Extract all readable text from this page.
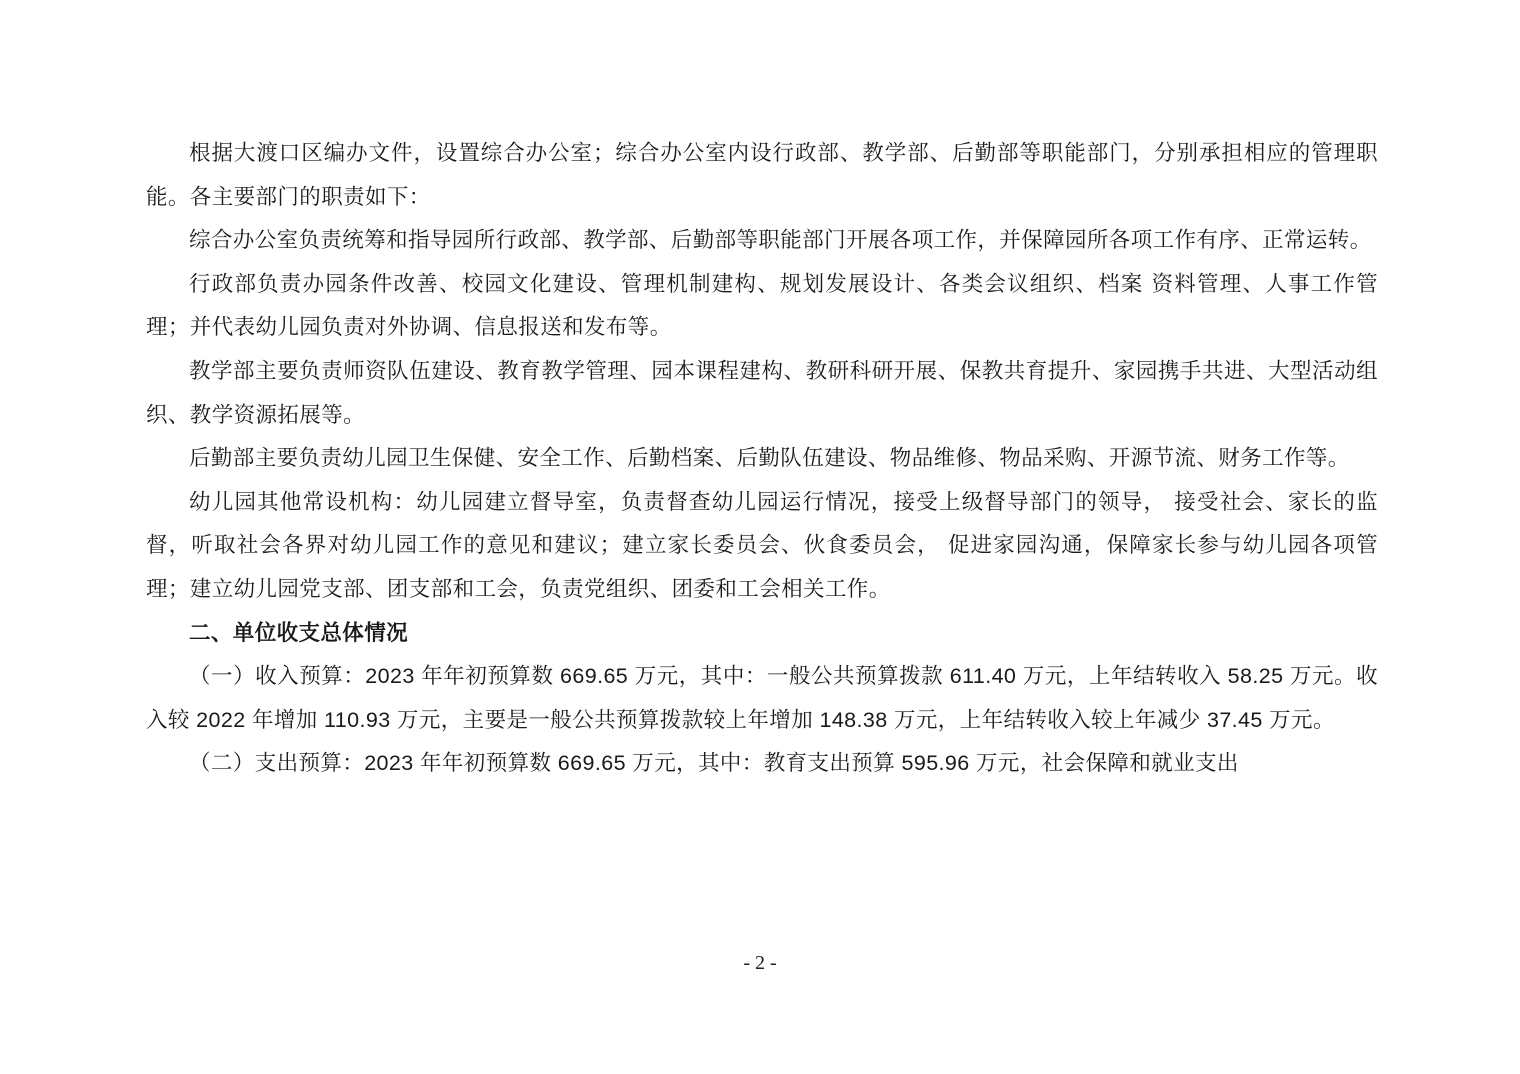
根据大渡口区编办文件，设置综合办公室；综合办公室内设行政部、教学部、后勤部等职能部门，分别承担相应的管理职能。各主要部门的职责如下：

综合办公室负责统筹和指导园所行政部、教学部、后勤部等职能部门开展各项工作，并保障园所各项工作有序、正常运转。

行政部负责办园条件改善、校园文化建设、管理机制建构、规划发展设计、各类会议组织、档案 资料管理、人事工作管理；并代表幼儿园负责对外协调、信息报送和发布等。

教学部主要负责师资队伍建设、教育教学管理、园本课程建构、教研科研开展、保教共育提升、家园携手共进、大型活动组织、教学资源拓展等。

后勤部主要负责幼儿园卫生保健、安全工作、后勤档案、后勤队伍建设、物品维修、物品采购、开源节流、财务工作等。

幼儿园其他常设机构：幼儿园建立督导室，负责督查幼儿园运行情况，接受上级督导部门的领导， 接受社会、家长的监督，听取社会各界对幼儿园工作的意见和建议；建立家长委员会、伙食委员会， 促进家园沟通，保障家长参与幼儿园各项管理；建立幼儿园党支部、团支部和工会，负责党组织、团委和工会相关工作。

二、单位收支总体情况

（一）收入预算：2023 年年初预算数 669.65 万元，其中：一般公共预算拨款 611.40 万元，上年结转收入 58.25 万元。收入较 2022 年增加 110.93 万元，主要是一般公共预算拨款较上年增加 148.38 万元，上年结转收入较上年减少 37.45 万元。

（二）支出预算：2023 年年初预算数 669.65 万元，其中：教育支出预算 595.96 万元，社会保障和就业支出

- 2 -
